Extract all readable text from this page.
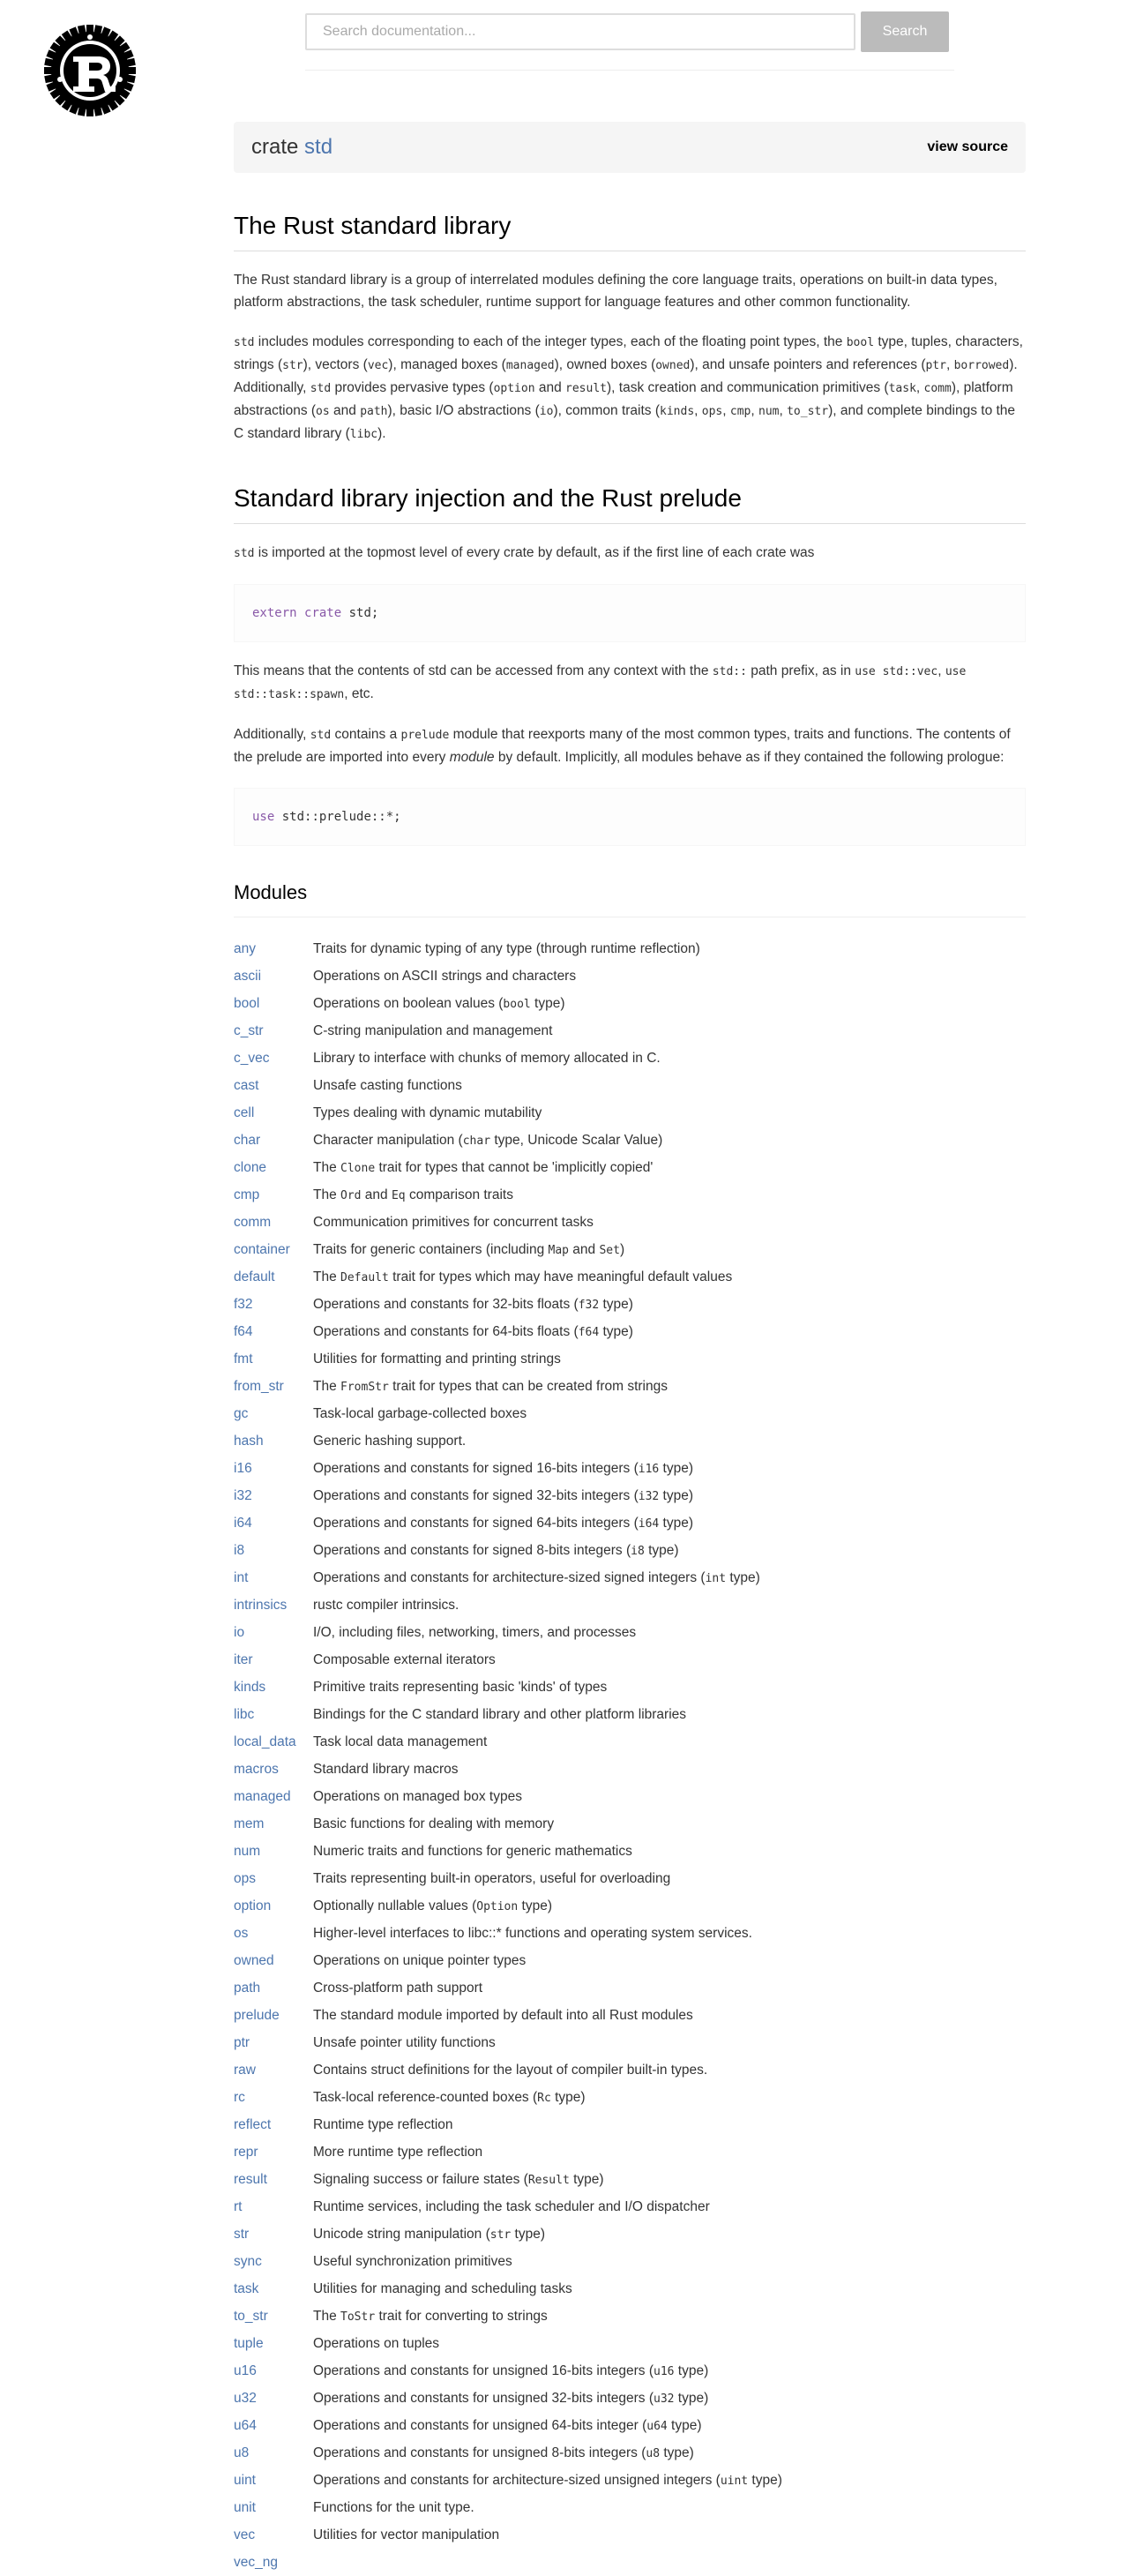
Search documentation...
Search
crate std	view source
The Rust standard library

The Rust standard library is a group of interrelated modules defining the core language traits, operations on built-in data types, platform abstractions, the task scheduler, runtime support for language features and other common functionality.

std includes modules corresponding to each of the integer types, each of the floating point types, the bool type, tuples, characters, strings (str), vectors (vec), managed boxes (managed), owned boxes (owned), and unsafe pointers and references (ptr, borrowed). Additionally, std provides pervasive types (option and result), task creation and communication primitives (task, comm), platform abstractions (os and path), basic I/O abstractions (io), common traits (kinds, ops, cmp, num, to_str), and complete bindings to the C standard library (libc).

Standard library injection and the Rust prelude

std is imported at the topmost level of every crate by default, as if the first line of each crate was

extern crate std;

This means that the contents of std can be accessed from any context with the std:: path prefix, as in use std::vec, use std::task::spawn, etc.

Additionally, std contains a prelude module that reexports many of the most common types, traits and functions. The contents of the prelude are imported into every module by default. Implicitly, all modules behave as if they contained the following prologue:

use std::prelude::*;
Modules
any	Traits for dynamic typing of any type (through runtime reflection)
ascii	Operations on ASCII strings and characters
bool	Operations on boolean values (bool type)
c_str	C-string manipulation and management
c_vec	Library to interface with chunks of memory allocated in C.
cast	Unsafe casting functions
cell	Types dealing with dynamic mutability
char	Character manipulation (char type, Unicode Scalar Value)
clone	The Clone trait for types that cannot be 'implicitly copied'
cmp	The Ord and Eq comparison traits
comm	Communication primitives for concurrent tasks
container	Traits for generic containers (including Map and Set)
default	The Default trait for types which may have meaningful default values
f32	Operations and constants for 32-bits floats (f32 type)
f64	Operations and constants for 64-bits floats (f64 type)
fmt	Utilities for formatting and printing strings
from_str	The FromStr trait for types that can be created from strings
gc	Task-local garbage-collected boxes
hash	Generic hashing support.
i16	Operations and constants for signed 16-bits integers (i16 type)
i32	Operations and constants for signed 32-bits integers (i32 type)
i64	Operations and constants for signed 64-bits integers (i64 type)
i8	Operations and constants for signed 8-bits integers (i8 type)
int	Operations and constants for architecture-sized signed integers (int type)
intrinsics	rustc compiler intrinsics.
io	I/O, including files, networking, timers, and processes
iter	Composable external iterators
kinds	Primitive traits representing basic 'kinds' of types
libc	Bindings for the C standard library and other platform libraries
local_data	Task local data management
macros	Standard library macros
managed	Operations on managed box types
mem	Basic functions for dealing with memory
num	Numeric traits and functions for generic mathematics
ops	Traits representing built-in operators, useful for overloading
option	Optionally nullable values (Option type)
os	Higher-level interfaces to libc::* functions and operating system services.
owned	Operations on unique pointer types
path	Cross-platform path support
prelude	The standard module imported by default into all Rust modules
ptr	Unsafe pointer utility functions
raw	Contains struct definitions for the layout of compiler built-in types.
rc	Task-local reference-counted boxes (Rc type)
reflect	Runtime type reflection
repr	More runtime type reflection
result	Signaling success or failure states (Result type)
rt	Runtime services, including the task scheduler and I/O dispatcher
str	Unicode string manipulation (str type)
sync	Useful synchronization primitives
task	Utilities for managing and scheduling tasks
to_str	The ToStr trait for converting to strings
tuple	Operations on tuples
u16	Operations and constants for unsigned 16-bits integers (u16 type)
u32	Operations and constants for unsigned 32-bits integers (u32 type)
u64	Operations and constants for unsigned 64-bits integer (u64 type)
u8	Operations and constants for unsigned 8-bits integers (u8 type)
uint	Operations and constants for architecture-sized unsigned integers (uint type)
unit	Functions for the unit type.
vec	Utilities for vector manipulation
vec_ng	
